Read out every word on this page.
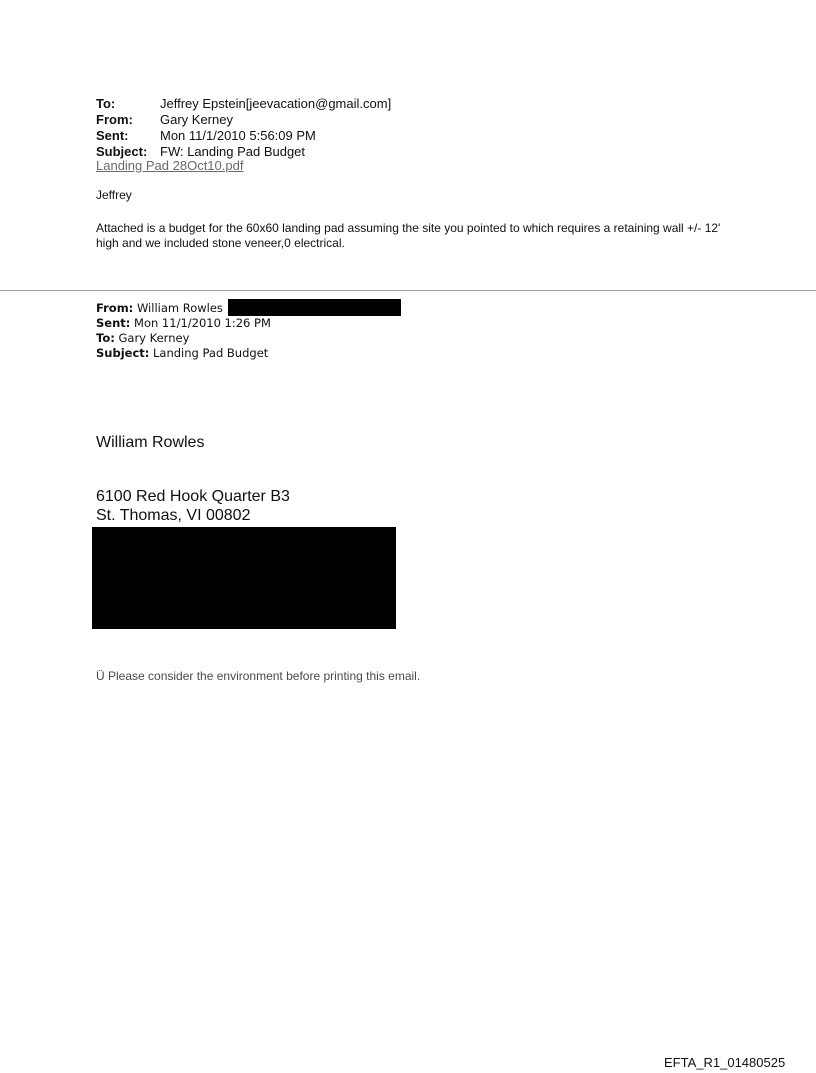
To:	Jeffrey Epstein[jeevacation@gmail.com]
From:	Gary Kerney
Sent:	Mon 11/1/2010 5:56:09 PM
Subject: FW: Landing Pad Budget
Landing Pad 28Oct10.pdf
Jeffrey
Attached is a budget for the 60x60 landing pad assuming the site you pointed to which requires a retaining wall +/- 12' high and we included stone veneer,0 electrical.
From: William Rowles
Sent: Mon 11/1/2010 1:26 PM
To: Gary Kerney
Subject: Landing Pad Budget
William Rowles
6100 Red Hook Quarter B3
St. Thomas, VI 00802
Ü Please consider the environment before printing this email.
EFTA_R1_01480525
